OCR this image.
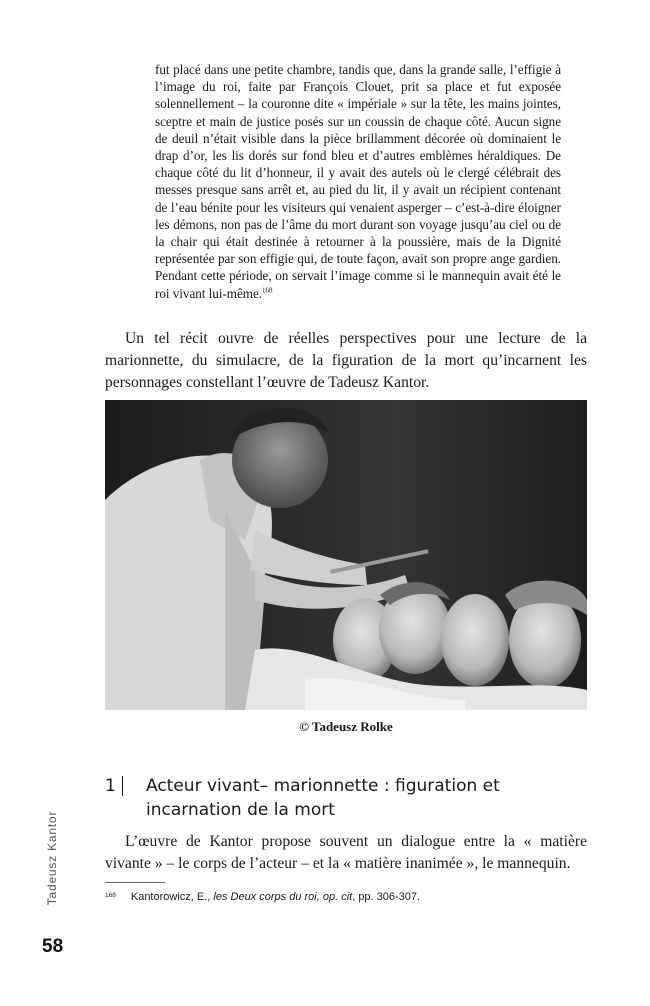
fut placé dans une petite chambre, tandis que, dans la grande salle, l’effigie à l’image du roi, faite par François Clouet, prit sa place et fut exposée solennellement – la couronne dite « impériale » sur la tête, les mains jointes, sceptre et main de justice posés sur un coussin de chaque côté. Aucun signe de deuil n’était visible dans la pièce brillamment décorée où dominaient le drap d’or, les lis dorés sur fond bleu et d’autres emblèmes héraldiques. De chaque côté du lit d’honneur, il y avait des autels où le clergé célébrait des messes presque sans arrêt et, au pied du lit, il y avait un récipient contenant de l’eau bénite pour les visiteurs qui venaient asperger – c’est-à-dire éloigner les démons, non pas de l’âme du mort durant son voyage jusqu’au ciel ou de la chair qui était destinée à retourner à la poussière, mais de la Dignité représentée par son effigie qui, de toute façon, avait son propre ange gardien. Pendant cette période, on servait l’image comme si le mannequin avait été le roi vivant lui-même.$^{168}$

Un tel récit ouvre de réelles perspectives pour une lecture de la marionnette, du simulacre, de la figuration de la mort qu’incarnent les personnages constellant l’œuvre de Tadeusz Kantor.

© Tadeusz Rolke
1 Acteur vivant– marionnette : figuration et incarnation de la mort

L’œuvre de Kantor propose souvent un dialogue entre la « matière vivante » – le corps de l’acteur – et la « matière inanimée », le mannequin.

$^{168}$ Kantorowicz, E., les Deux corps du roi, op. cit, pp. 306-307.
Tadeusz Kantor
58
